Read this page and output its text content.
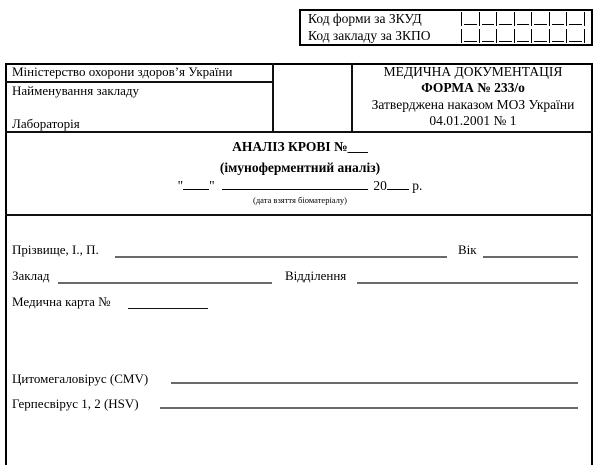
Код форми за ЗКУД
Код закладу за ЗКПО
Міністерство охорони здоров’я України
Найменування закладу
Лабораторія
МЕДИЧНА ДОКУМЕНТАЦІЯ
ФОРМА № 233/о
Затверджена наказом МОЗ України
04.01.2001 № 1
АНАЛІЗ КРОВІ №___
(імуноферментний аналіз)
" "	20 р.
(дата взяття біоматеріалу)
Прізвище, І., П.	Вік
Заклад	Відділення
Медична карта №
Цитомегаловірус (CMV)
Герпесвірус 1, 2 (HSV)
